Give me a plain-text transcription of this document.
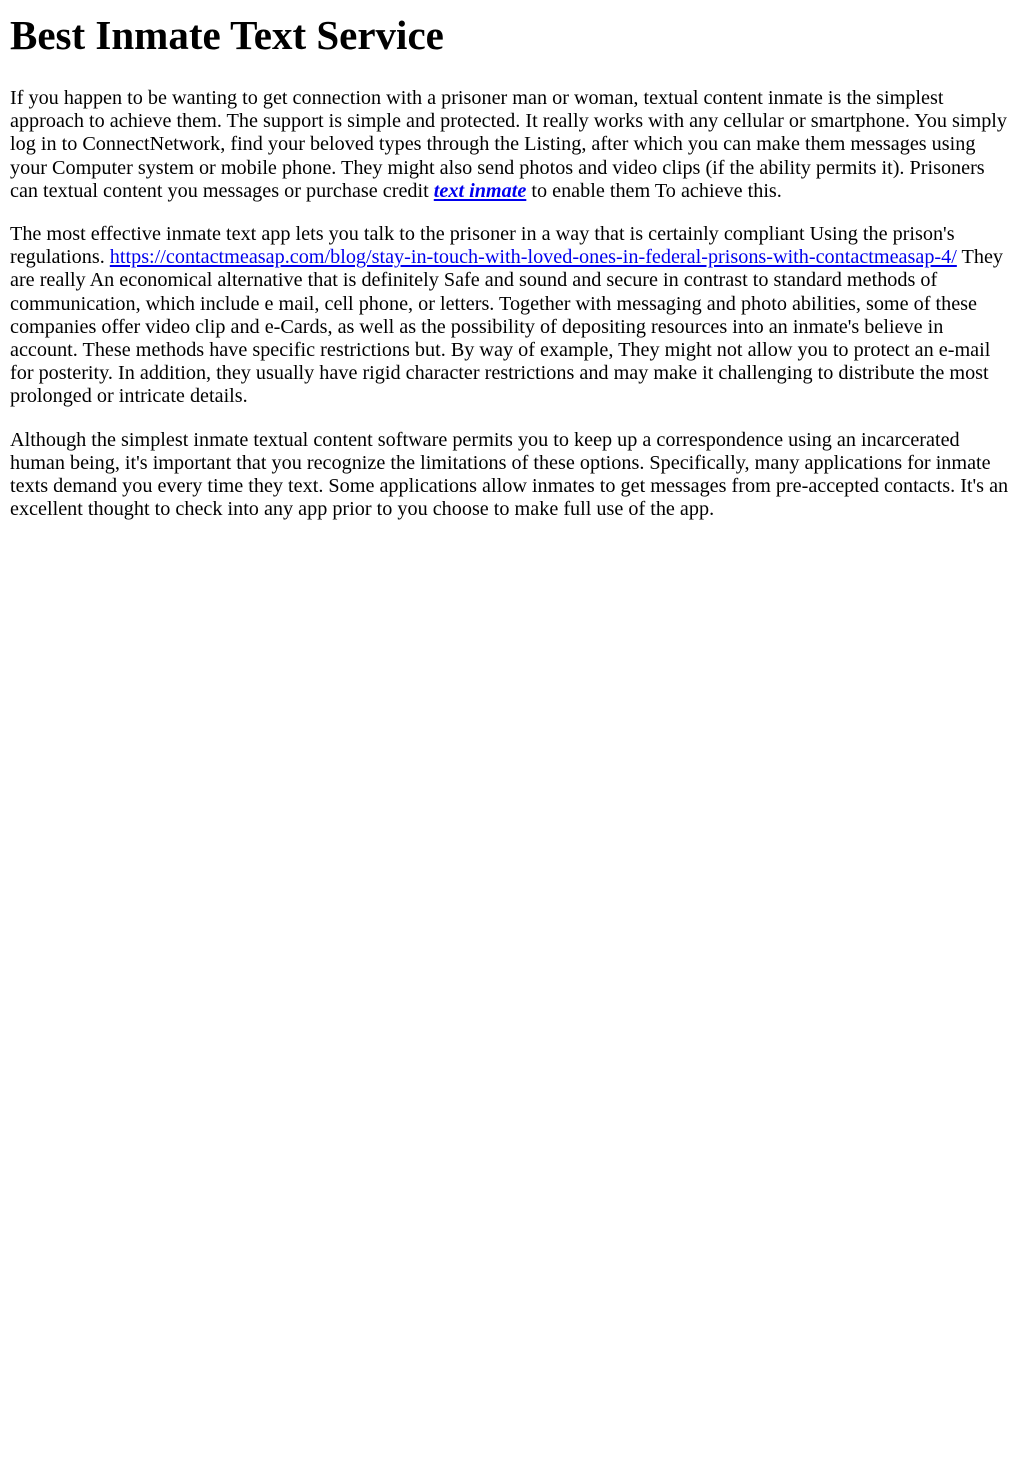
Best Inmate Text Service

If you happen to be wanting to get connection with a prisoner man or woman, textual content inmate is the simplest approach to achieve them. The support is simple and protected. It really works with any cellular or smartphone. You simply log in to ConnectNetwork, find your beloved types through the Listing, after which you can make them messages using your Computer system or mobile phone. They might also send photos and video clips (if the ability permits it). Prisoners can textual content you messages or purchase credit text inmate to enable them To achieve this.

The most effective inmate text app lets you talk to the prisoner in a way that is certainly compliant Using the prison's regulations. https://contactmeasap.com/blog/stay-in-touch-with-loved-ones-in-federal-prisons-with-contactmeasap-4/ They are really An economical alternative that is definitely Safe and sound and secure in contrast to standard methods of communication, which include e mail, cell phone, or letters. Together with messaging and photo abilities, some of these companies offer video clip and e-Cards, as well as the possibility of depositing resources into an inmate's believe in account. These methods have specific restrictions but. By way of example, They might not allow you to protect an e-mail for posterity. In addition, they usually have rigid character restrictions and may make it challenging to distribute the most prolonged or intricate details.

Although the simplest inmate textual content software permits you to keep up a correspondence using an incarcerated human being, it's important that you recognize the limitations of these options. Specifically, many applications for inmate texts demand you every time they text. Some applications allow inmates to get messages from pre-accepted contacts. It's an excellent thought to check into any app prior to you choose to make full use of the app.
